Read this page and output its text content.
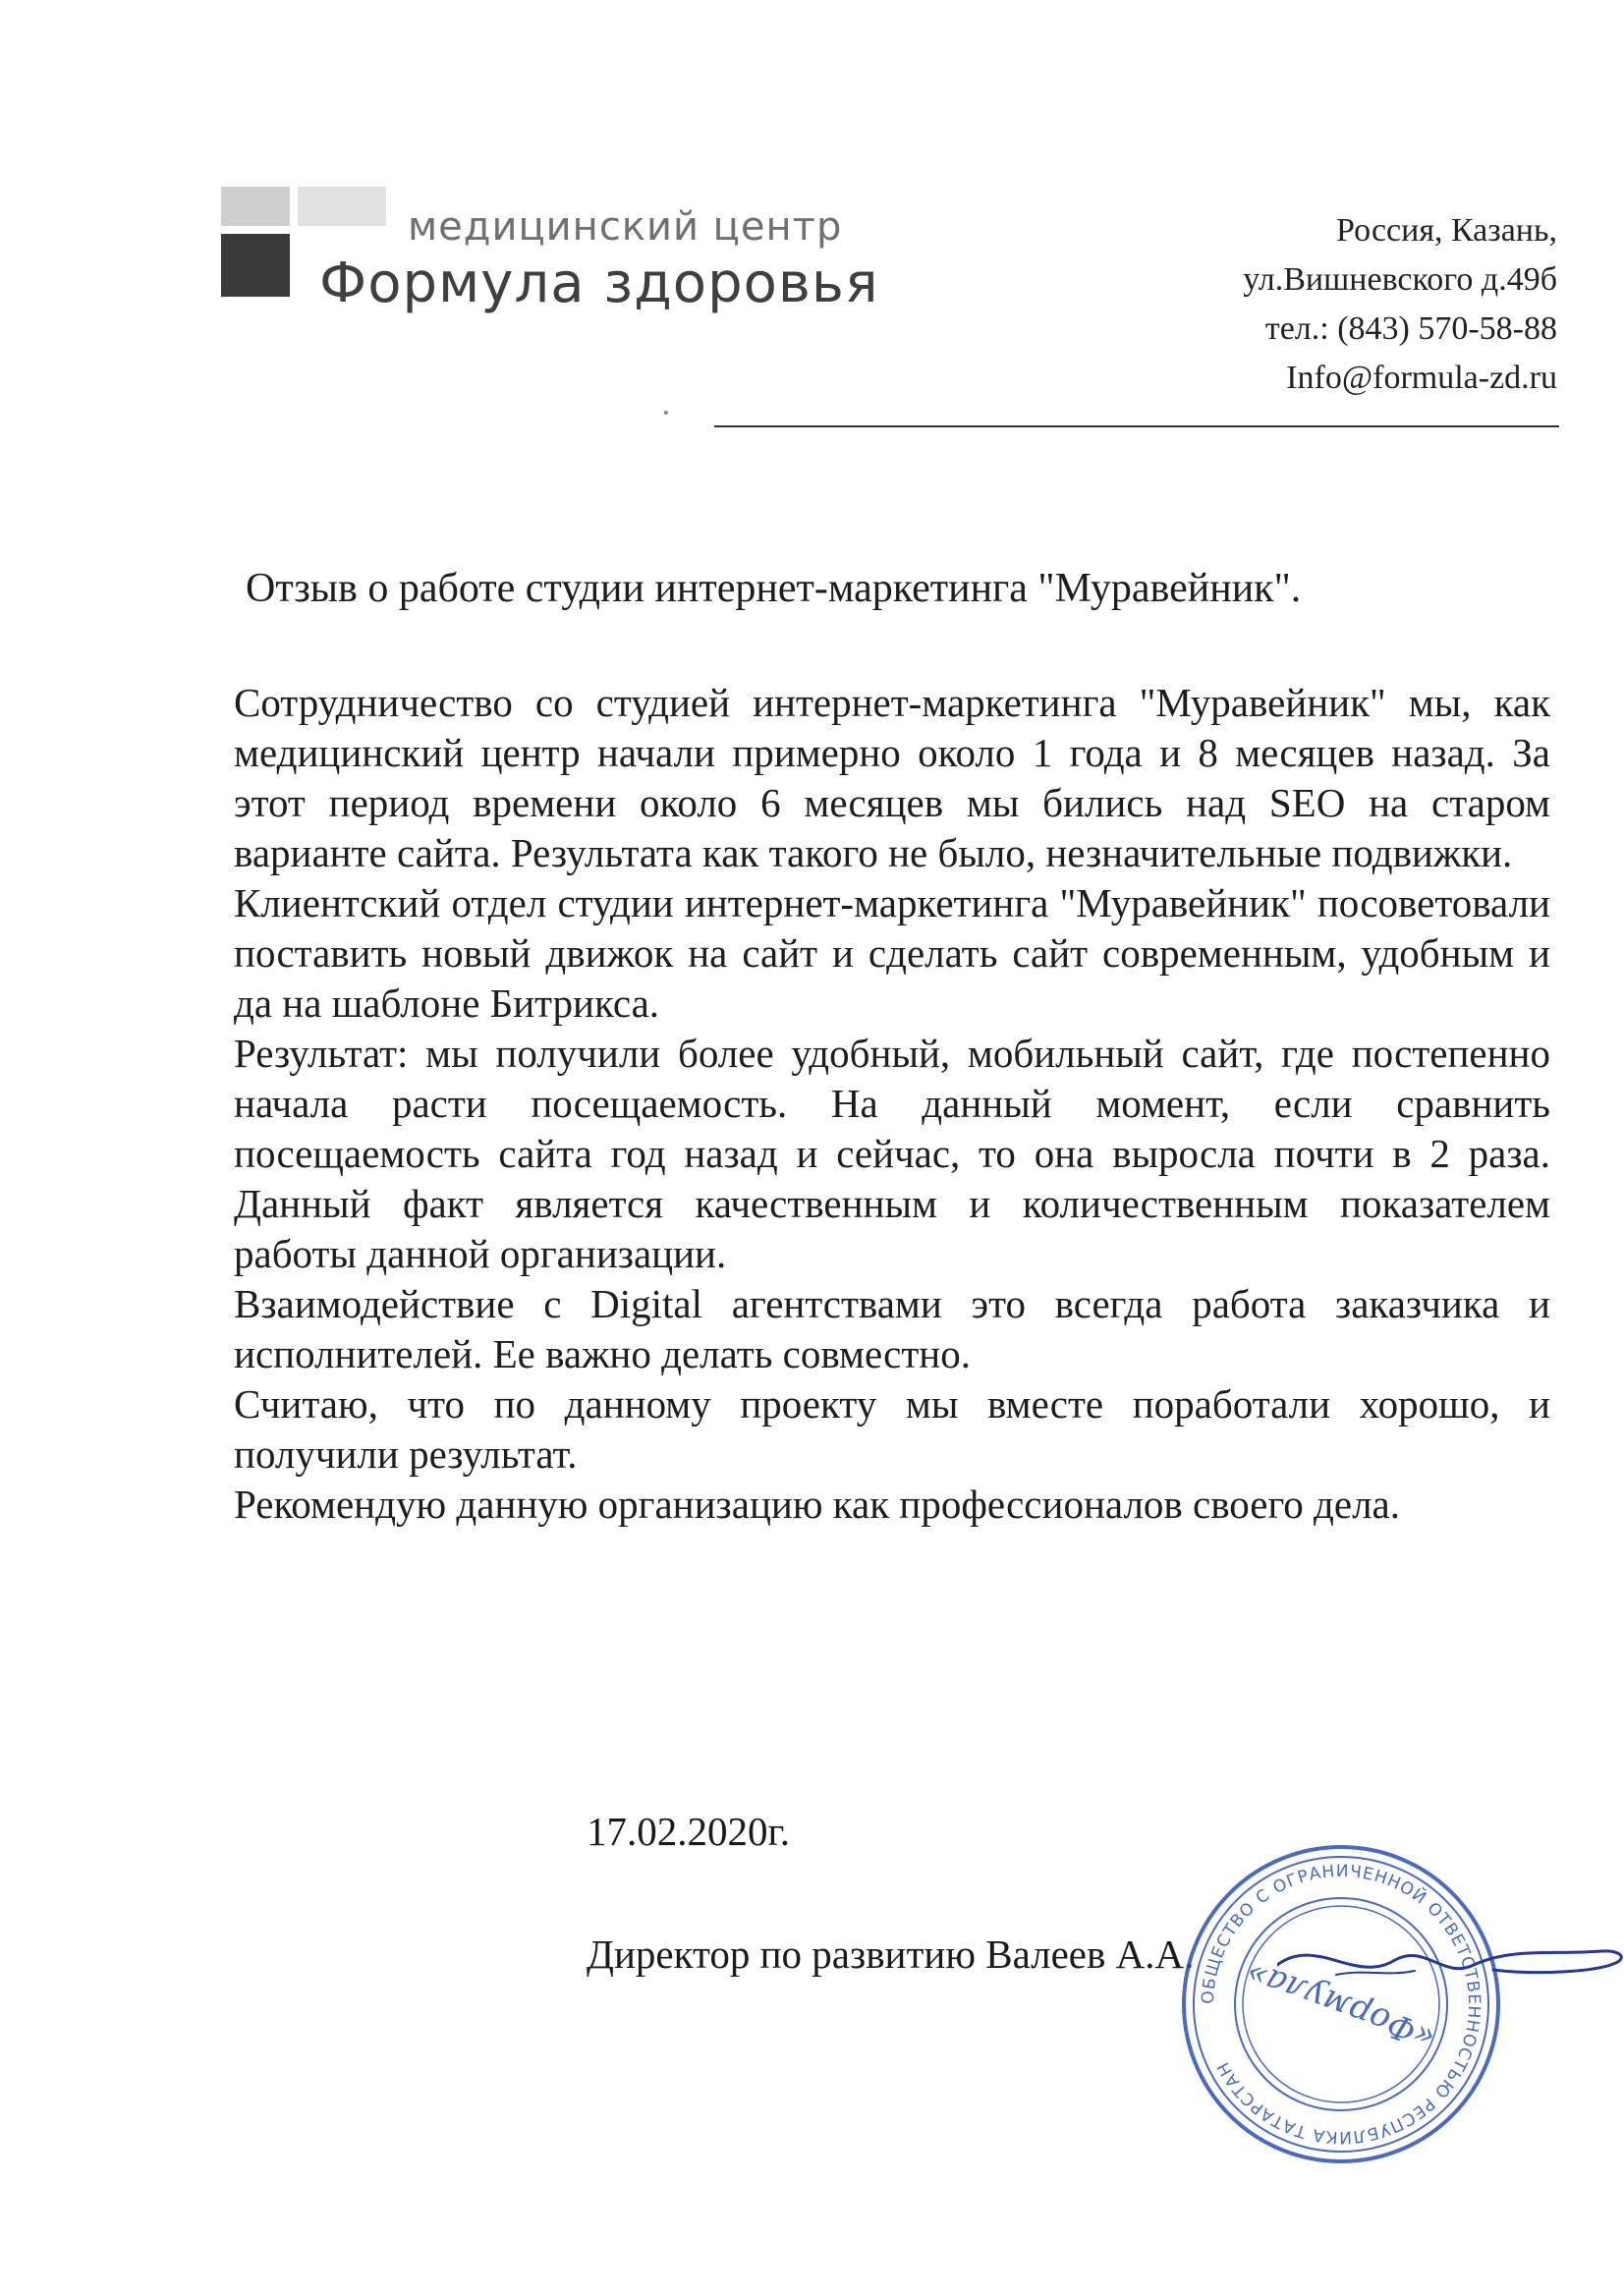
медицинский центр
Формула здоровья
Россия, Казань,
ул.Вишневского д.49б
тел.: (843) 570-58-88
Info@formula-zd.ru
Отзыв о работе студии интернет-маркетинга "Муравейник".

Сотрудничество со студией интернет-маркетинга "Муравейник" мы, как медицинский центр начали примерно около 1 года и 8 месяцев назад. За этот период времени около 6 месяцев мы бились над SEO на старом варианте сайта. Результата как такого не было, незначительные подвижки.

Клиентский отдел студии интернет-маркетинга "Муравейник" посоветовали поставить новый движок на сайт и сделать сайт современным, удобным и да на шаблоне Битрикса.

Результат: мы получили более удобный, мобильный сайт, где постепенно начала расти посещаемость. На данный момент, если сравнить посещаемость сайта год назад и сейчас, то она выросла почти в 2 раза. Данный факт является качественным и количественным показателем работы данной организации.

Взаимодействие с Digital агентствами это всегда работа заказчика и исполнителей. Ее важно делать совместно.

Считаю, что по данному проекту мы вместе поработали хорошо, и получили результат.

Рекомендую данную организацию как профессионалов своего дела.

17.02.2020г.
Директор по развитию Валеев А.А.
ОБЩЕСТВО С ОГРАНИЧЕННОЙ ОТВЕТСТВЕННОСТЬЮ РЕСПУБЛИКА ТАТАРСТАН
«Формула»
